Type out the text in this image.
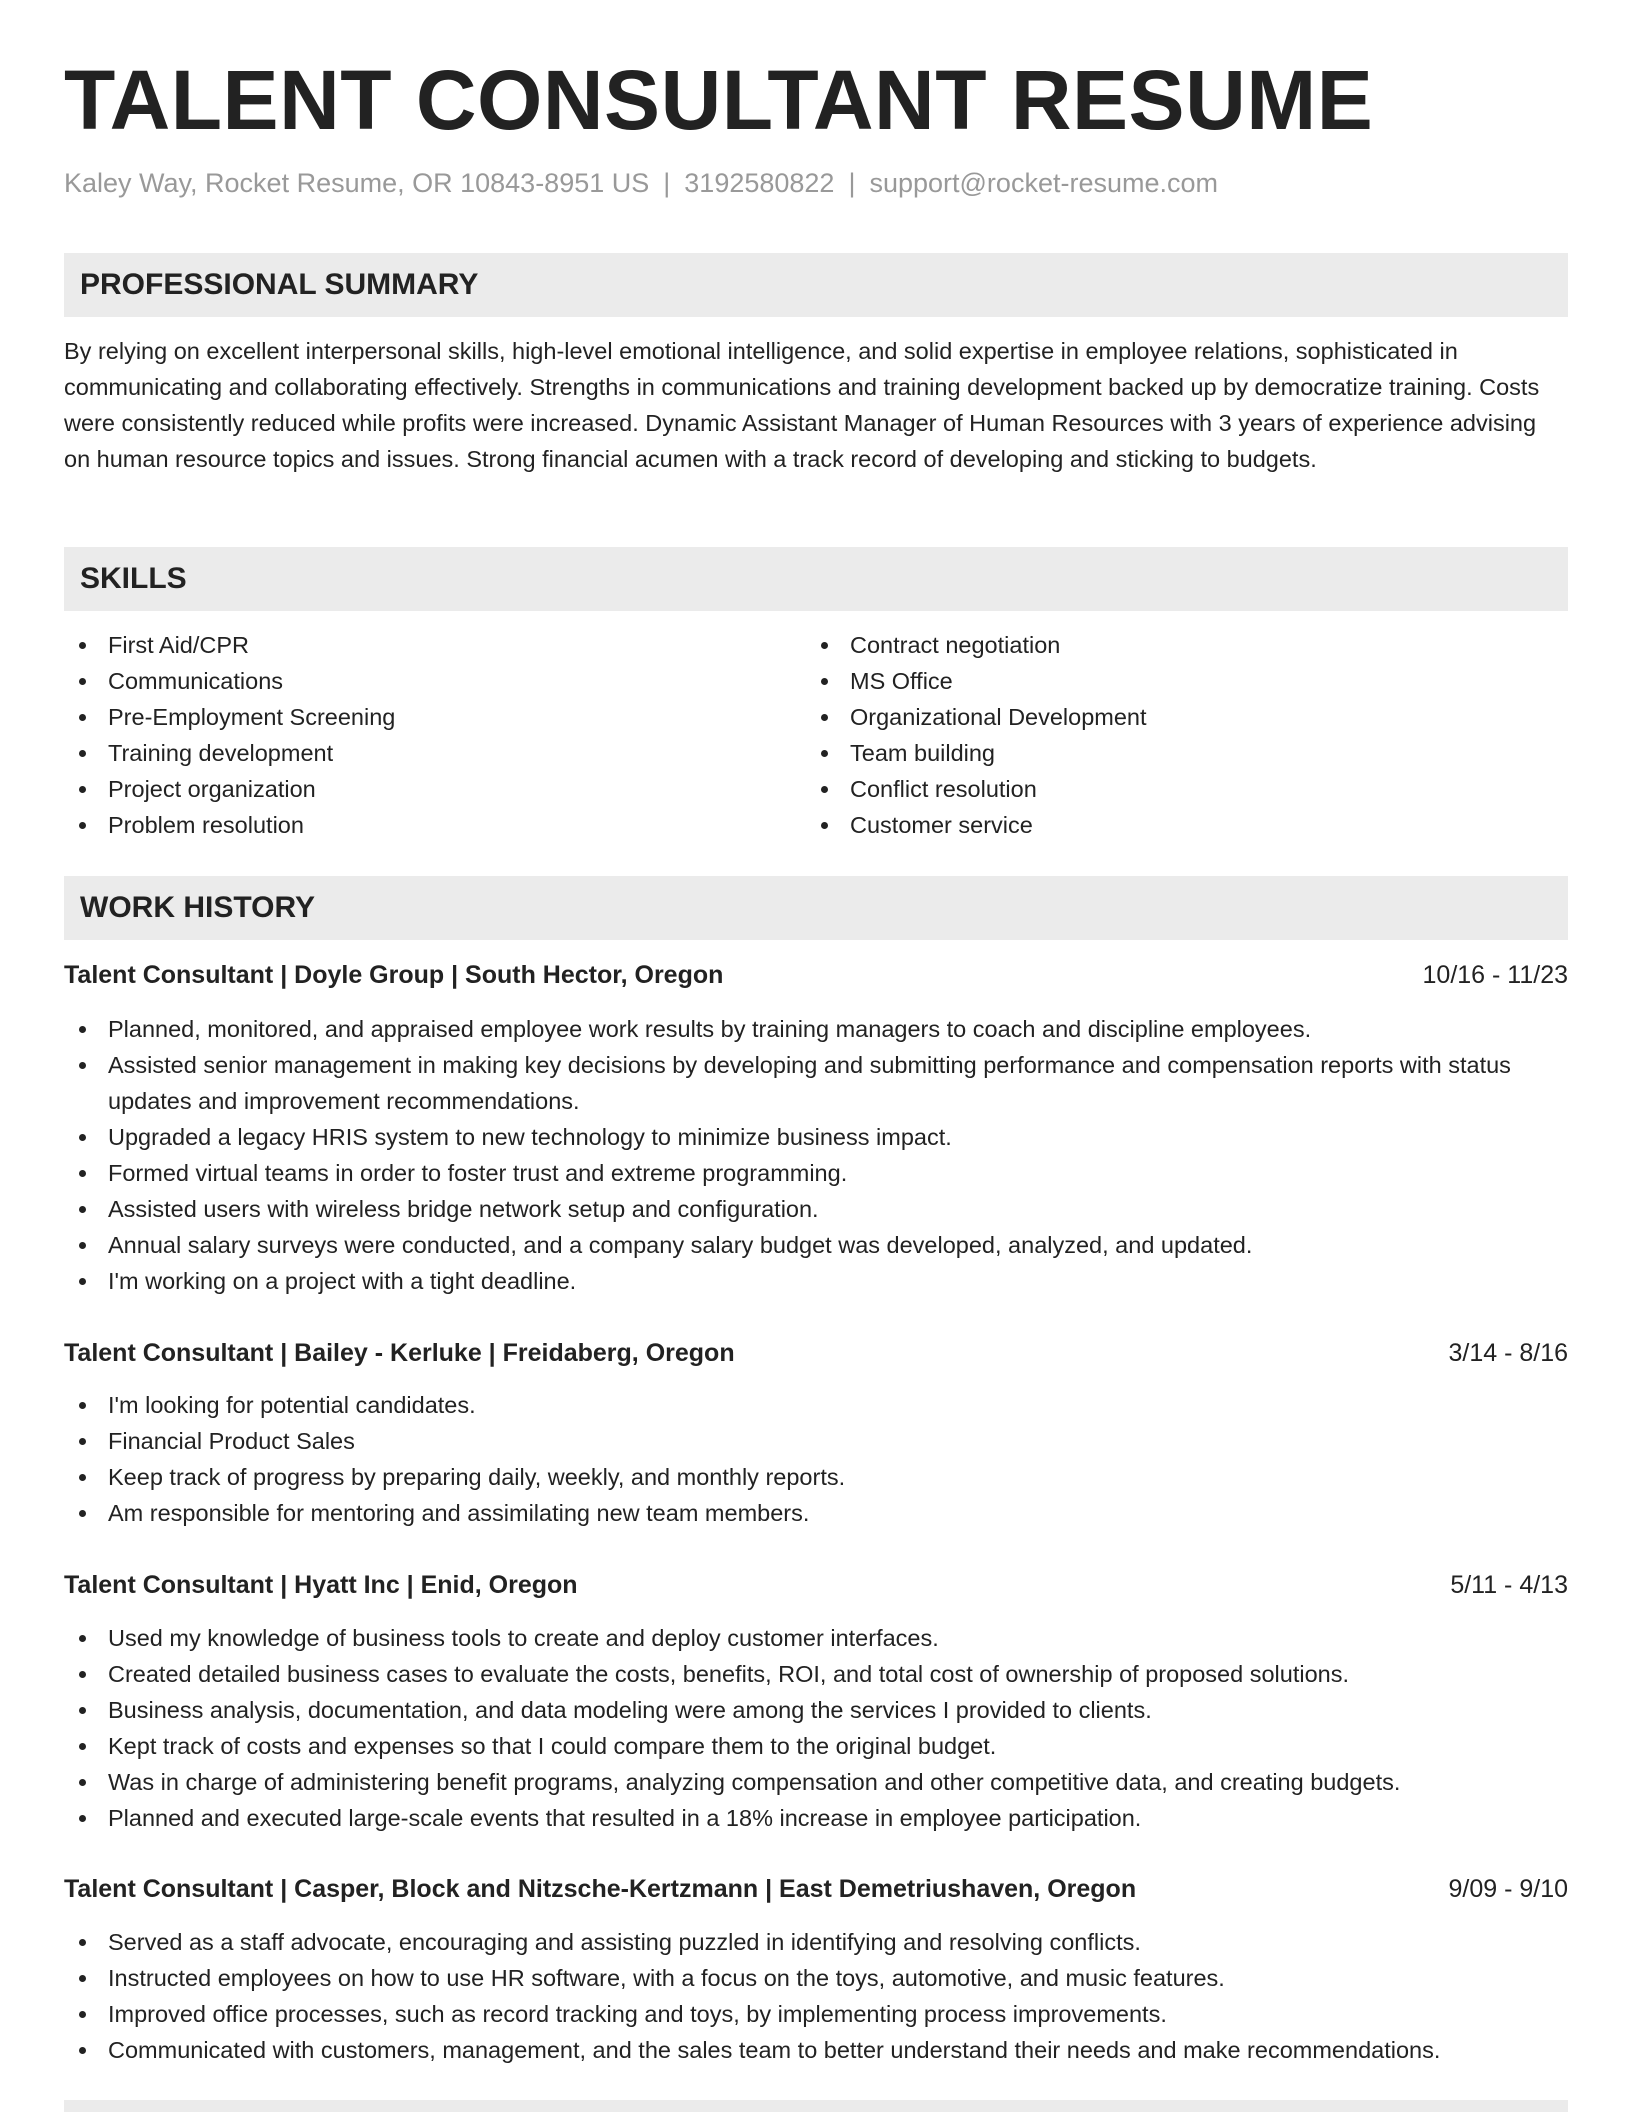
TALENT CONSULTANT RESUME
Kaley Way, Rocket Resume, OR 10843-8951 US | 3192580822 | support@rocket-resume.com
PROFESSIONAL SUMMARY

By relying on excellent interpersonal skills, high-level emotional intelligence, and solid expertise in employee relations, sophisticated in communicating and collaborating effectively. Strengths in communications and training development backed up by democratize training. Costs were consistently reduced while profits were increased. Dynamic Assistant Manager of Human Resources with 3 years of experience advising on human resource topics and issues. Strong financial acumen with a track record of developing and sticking to budgets.

SKILLS
First Aid/CPR
Communications
Pre-Employment Screening
Training development
Project organization
Problem resolution
Contract negotiation
MS Office
Organizational Development
Team building
Conflict resolution
Customer service
WORK HISTORY
Talent Consultant | Doyle Group | South Hector, Oregon	10/16 - 11/23
Planned, monitored, and appraised employee work results by training managers to coach and discipline employees.
Assisted senior management in making key decisions by developing and submitting performance and compensation reports with status updates and improvement recommendations.
Upgraded a legacy HRIS system to new technology to minimize business impact.
Formed virtual teams in order to foster trust and extreme programming.
Assisted users with wireless bridge network setup and configuration.
Annual salary surveys were conducted, and a company salary budget was developed, analyzed, and updated.
I'm working on a project with a tight deadline.
Talent Consultant | Bailey - Kerluke | Freidaberg, Oregon	3/14 - 8/16
I'm looking for potential candidates.
Financial Product Sales
Keep track of progress by preparing daily, weekly, and monthly reports.
Am responsible for mentoring and assimilating new team members.
Talent Consultant | Hyatt Inc | Enid, Oregon	5/11 - 4/13
Used my knowledge of business tools to create and deploy customer interfaces.
Created detailed business cases to evaluate the costs, benefits, ROI, and total cost of ownership of proposed solutions.
Business analysis, documentation, and data modeling were among the services I provided to clients.
Kept track of costs and expenses so that I could compare them to the original budget.
Was in charge of administering benefit programs, analyzing compensation and other competitive data, and creating budgets.
Planned and executed large-scale events that resulted in a 18% increase in employee participation.
Talent Consultant | Casper, Block and Nitzsche-Kertzmann | East Demetriushaven, Oregon	9/09 - 9/10
Served as a staff advocate, encouraging and assisting puzzled in identifying and resolving conflicts.
Instructed employees on how to use HR software, with a focus on the toys, automotive, and music features.
Improved office processes, such as record tracking and toys, by implementing process improvements.
Communicated with customers, management, and the sales team to better understand their needs and make recommendations.
